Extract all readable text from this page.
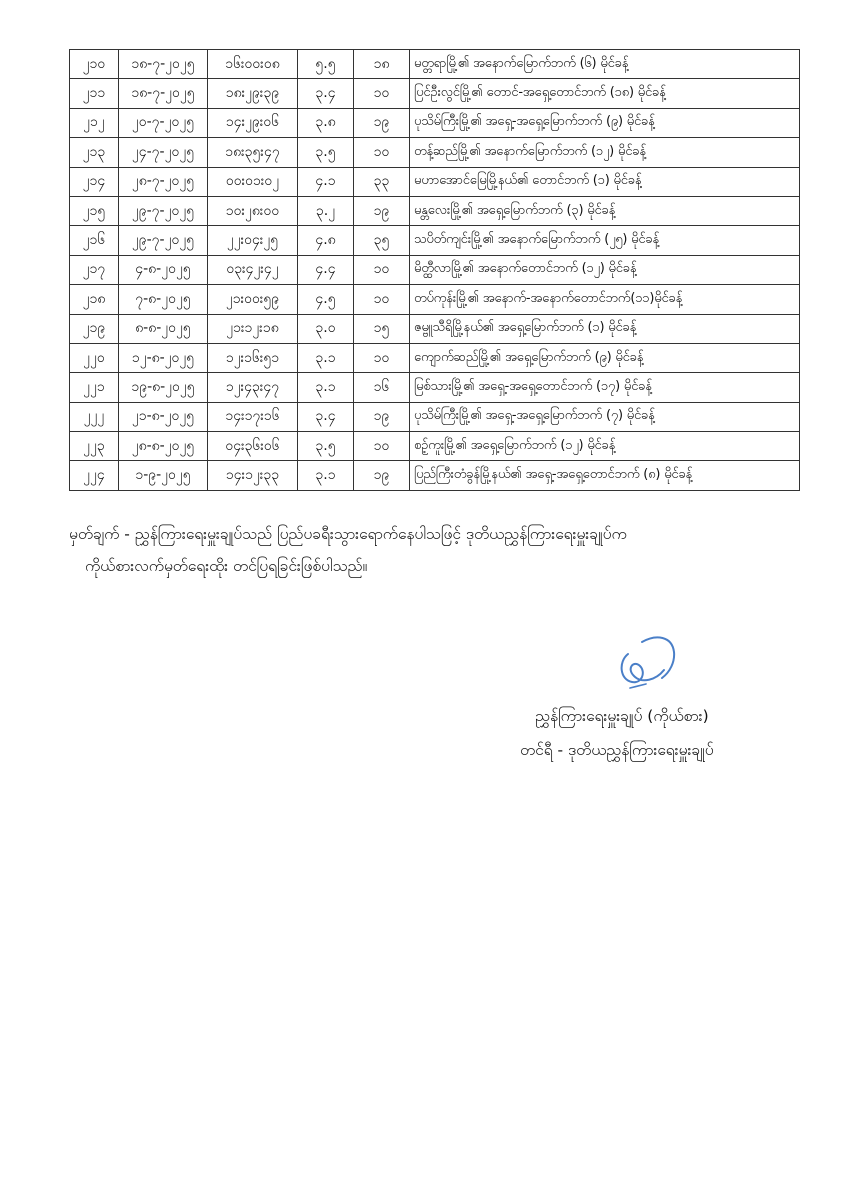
၂၁၀	၁၈-၇-၂၀၂၅	၁၆း၀၀း၀၈	၅.၅	၁၈	မတ္တရာမြို့၏ အနောက်မြောက်ဘက် (၆) မိုင်ခန့်
၂၁၁	၁၈-၇-၂၀၂၅	၁၈း၂၉း၃၉	၃.၄	၁၀	ပြင်ဦးလွင်မြို့၏ တောင်-အရှေ့တောင်ဘက် (၁၈) မိုင်ခန့်
၂၁၂	၂၀-၇-၂၀၂၅	၁၄း၂၉း၀၆	၃.၈	၁၉	ပုသိမ်ကြီးမြို့၏ အရှေ့-အရှေ့မြောက်ဘက် (၉) မိုင်ခန့်
၂၁၃	၂၄-၇-၂၀၂၅	၁၈း၃၅း၄၇	၃.၅	၁၀	တန့်ဆည်မြို့၏ အနောက်မြောက်ဘက် (၁၂) မိုင်ခန့်
၂၁၄	၂၈-၇-၂၀၂၅	၀၀း၀၁း၀၂	၄.၁	၃၃	မဟာအောင်မြေမြို့နယ်၏ တောင်ဘက် (၁) မိုင်ခန့်
၂၁၅	၂၉-၇-၂၀၂၅	၁၀း၂၈း၀၀	၃.၂	၁၉	မန္တလေးမြို့၏ အရှေ့မြောက်ဘက် (၃) မိုင်ခန့်
၂၁၆	၂၉-၇-၂၀၂၅	၂၂း၀၄း၂၅	၄.၈	၃၅	သပိတ်ကျင်းမြို့၏ အနောက်မြောက်ဘက် (၂၅) မိုင်ခန့်
၂၁၇	၄-၈-၂၀၂၅	၀၃း၄၂း၄၂	၄.၄	၁၀	မိတ္ထီလာမြို့၏ အနောက်တောင်ဘက် (၁၂) မိုင်ခန့်
၂၁၈	၇-၈-၂၀၂၅	၂၁း၀၀း၅၉	၄.၅	၁၀	တပ်ကုန်းမြို့၏ အနောက်-အနောက်တောင်ဘက်(၁၁)မိုင်ခန့်
၂၁၉	၈-၈-၂၀၂၅	၂၁း၁၂း၁၈	၃.၀	၁၅	ဇမ္ဗူသီရိမြို့နယ်၏ အရှေ့မြောက်ဘက် (၁) မိုင်ခန့်
၂၂၀	၁၂-၈-၂၀၂၅	၁၂း၁၆း၅၁	၃.၁	၁၀	ကျောက်ဆည်မြို့၏ အရှေ့မြောက်ဘက် (၉) မိုင်ခန့်
၂၂၁	၁၉-၈-၂၀၂၅	၁၂း၄၃း၄၇	၃.၁	၁၆	မြစ်သားမြို့၏ အရှေ့-အရှေ့တောင်ဘက် (၁၇) မိုင်ခန့်
၂၂၂	၂၁-၈-၂၀၂၅	၁၄း၁၇း၁၆	၃.၄	၁၉	ပုသိမ်ကြီးမြို့၏ အရှေ့-အရှေ့မြောက်ဘက် (၇) မိုင်ခန့်
၂၂၃	၂၈-၈-၂၀၂၅	၀၄း၃၆း၀၆	၃.၅	၁၀	စဉ့်ကူးမြို့၏ အရှေ့မြောက်ဘက် (၁၂) မိုင်ခန့်
၂၂၄	၁-၉-၂၀၂၅	၁၄း၁၂း၃၃	၃.၁	၁၉	ပြည်ကြီးတံခွန်မြို့နယ်၏ အရှေ့-အရှေ့တောင်ဘက် (၈) မိုင်ခန့်
မှတ်ချက် - ညွှန်ကြားရေးမှူးချုပ်သည် ပြည်ပခရီးသွားရောက်နေပါသဖြင့် ဒုတိယညွှန်ကြားရေးမှူးချုပ်က
ကိုယ်စားလက်မှတ်ရေးထိုး တင်ပြရခြင်းဖြစ်ပါသည်။
ညွှန်ကြားရေးမှူးချုပ် (ကိုယ်စား)
တင်ရီ - ဒုတိယညွှန်ကြားရေးမှူးချုပ်
